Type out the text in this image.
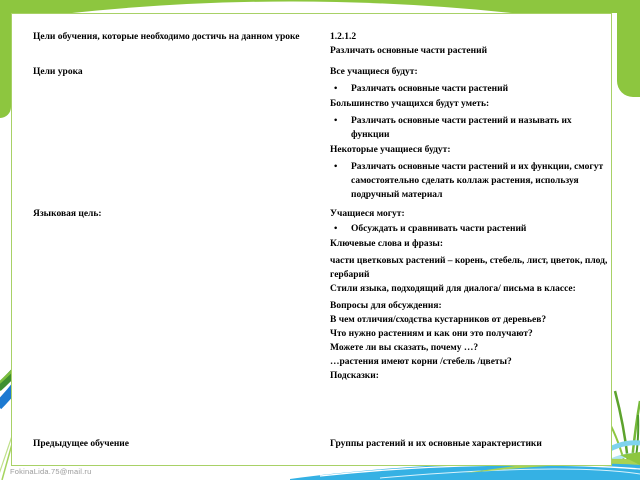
Цели обучения, которые необходимо достичь на данном уроке	1.2.1.2

Различать основные части растений

Цели урока	Все учащиеся будут:

•	Различать основные части растений

Большинство учащихся будут уметь:

•	Различать основные части растений и называть их функции

Некоторые учащиеся будут:

•	Различать основные части растений и их функции, смогут самостоятельно сделать коллаж растения, используя подручный материал

Языковая цель:	Учащиеся могут:

•	Обсуждать и сравнивать части растений

Ключевые слова и фразы:

части цветковых растений – корень, стебель, лист, цветок, плод, гербарий

Стили языка, подходящий для диалога/ письма в классе:

Вопросы для обсуждения:

В чем отличия/сходства кустарников от деревьев?

Что нужно растениям и как они это получают?

Можете ли вы сказать, почему …?

…растения имеют корни /стебель /цветы?

Подсказки:

Предыдущее обучение	Группы растений и их основные характеристики

FokinaLida.75@mail.ru
